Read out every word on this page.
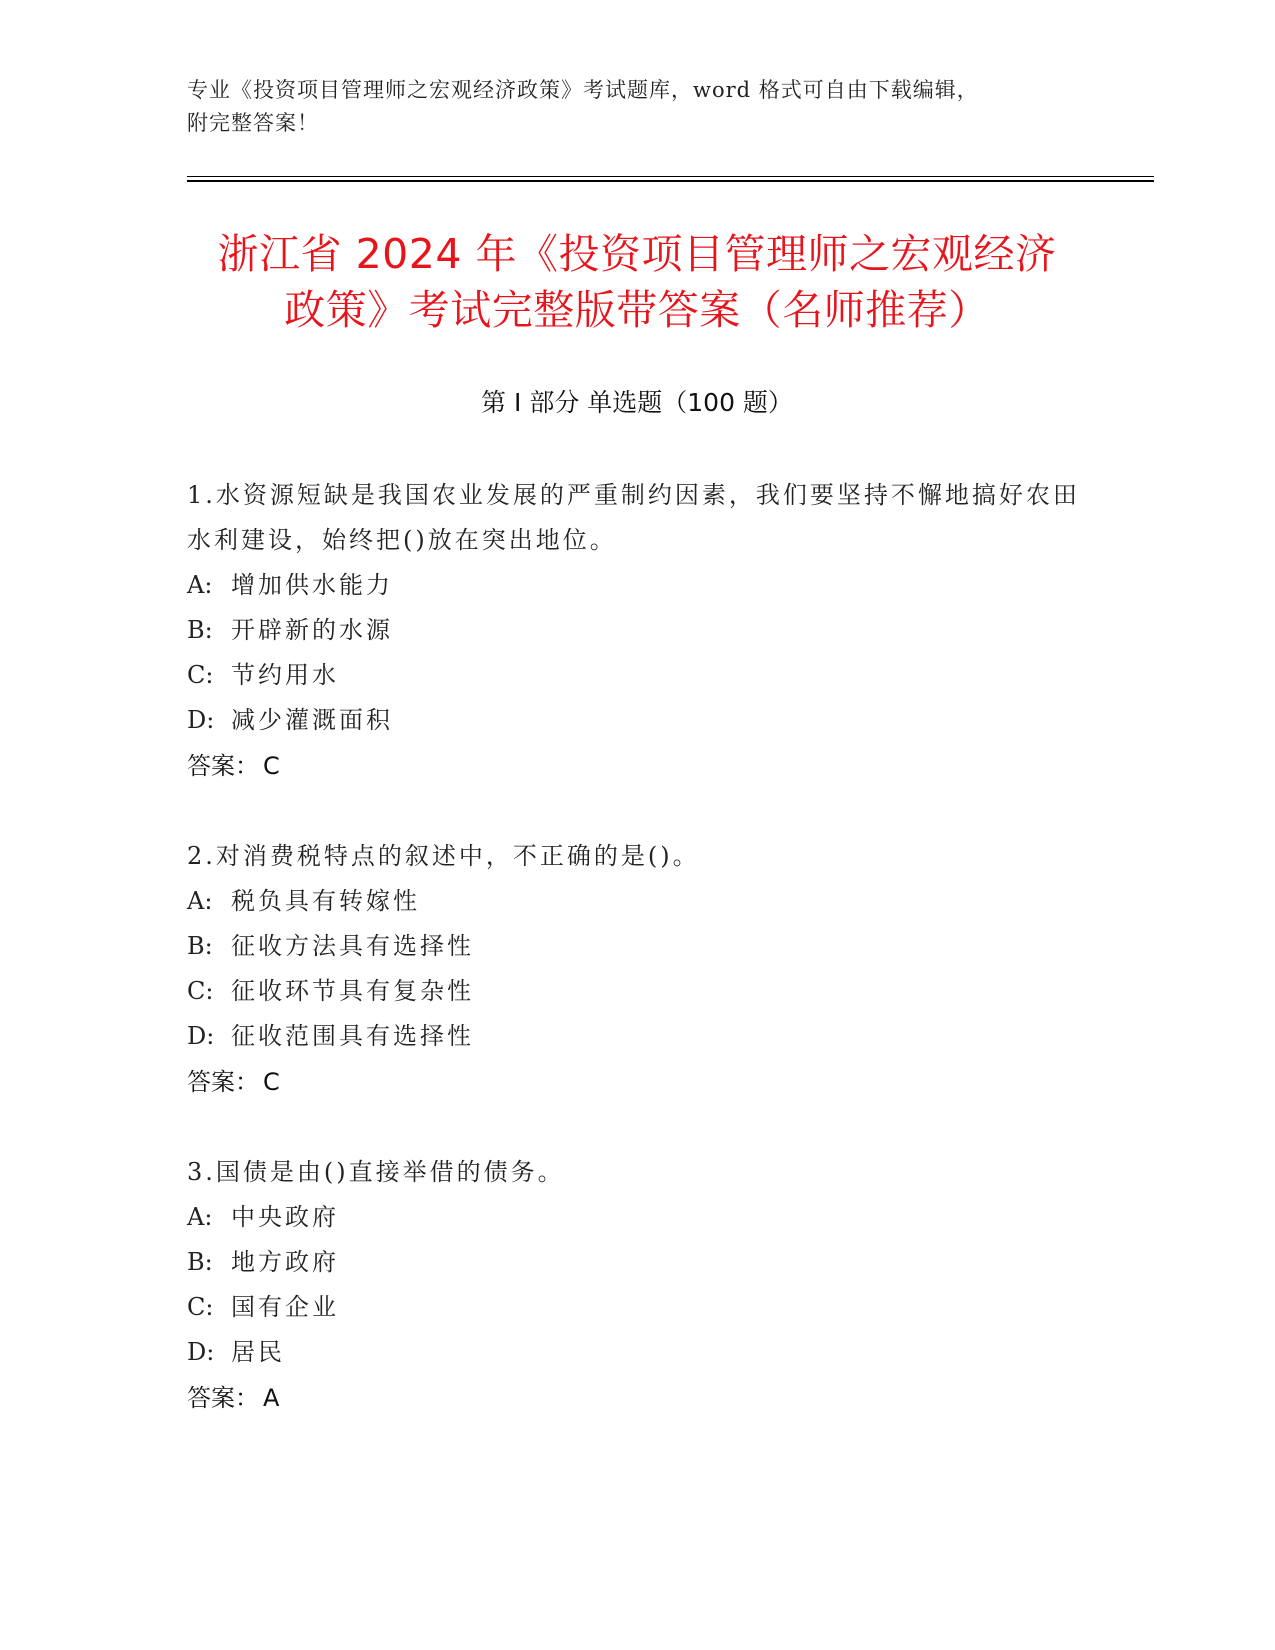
专业《投资项目管理师之宏观经济政策》考试题库，word 格式可自由下载编辑，
附完整答案！
浙江省 2024 年《投资项目管理师之宏观经济
政策》考试完整版带答案（名师推荐）
第 I 部分 单选题（100 题）
1.水资源短缺是我国农业发展的严重制约因素，我们要坚持不懈地搞好农田水利建设，始终把()放在突出地位。
A: 增加供水能力
B: 开辟新的水源
C: 节约用水
D: 减少灌溉面积
答案： C
2.对消费税特点的叙述中，不正确的是()。
A: 税负具有转嫁性
B: 征收方法具有选择性
C: 征收环节具有复杂性
D: 征收范围具有选择性
答案： C
3.国债是由()直接举借的债务。
A: 中央政府
B: 地方政府
C: 国有企业
D: 居民
答案： A
